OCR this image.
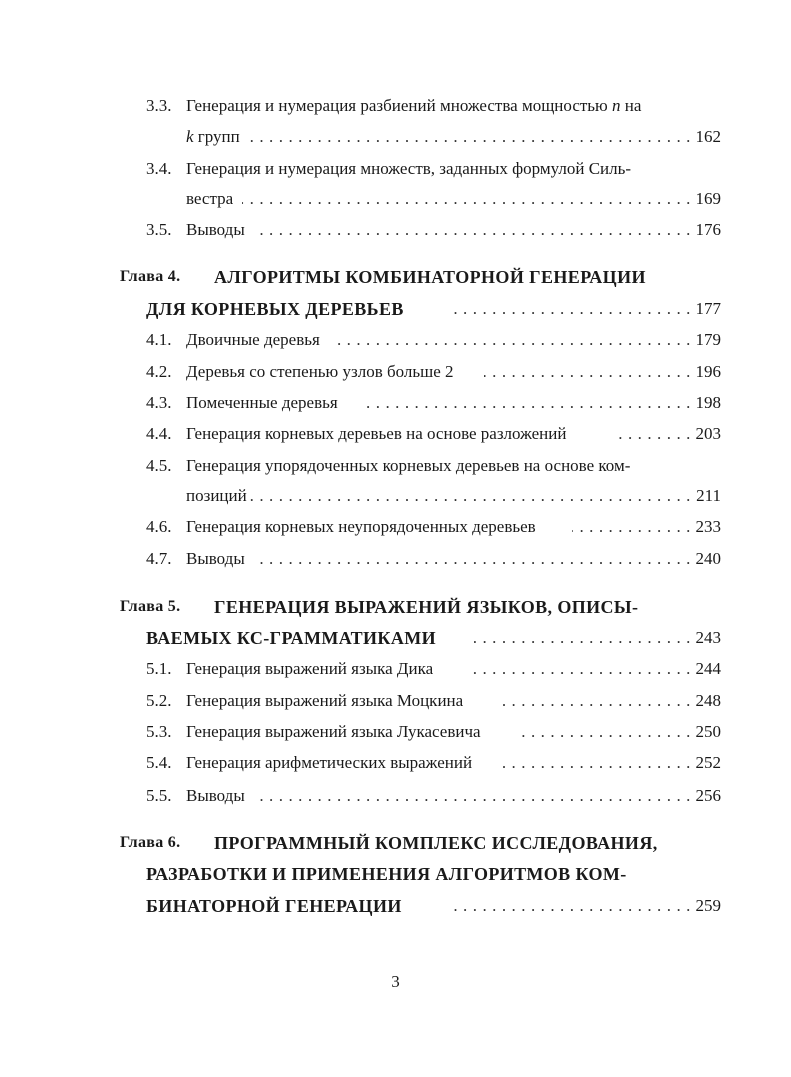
3.3. Генерация и нумерация разбиений множества мощностью n на
k групп . . .	162
3.4. Генерация и нумерация множеств, заданных формулой Силь-
вестра . . .	169
3.5. Выводы . . .	176
Глава 4. АЛГОРИТМЫ КОМБИНАТОРНОЙ ГЕНЕРАЦИИ
ДЛЯ КОРНЕВЫХ ДЕРЕВЬЕВ . . .	177
4.1. Двоичные деревья . . .	179
4.2. Деревья со степенью узлов больше 2 . . .	196
4.3. Помеченные деревья . . .	198
4.4. Генерация корневых деревьев на основе разложений . . .	203
4.5. Генерация упорядоченных корневых деревьев на основе ком-
позиций . . .	211
4.6. Генерация корневых неупорядоченных деревьев . . .	233
4.7. Выводы . . .	240
Глава 5. ГЕНЕРАЦИЯ ВЫРАЖЕНИЙ ЯЗЫКОВ, ОПИСЫ-
ВАЕМЫХ КС-ГРАММАТИКАМИ . . .	243
5.1. Генерация выражений языка Дика . . .	244
5.2. Генерация выражений языка Моцкина . . .	248
5.3. Генерация выражений языка Лукасевича . . .	250
5.4. Генерация арифметических выражений . . .	252
5.5. Выводы . . .	256
Глава 6. ПРОГРАММНЫЙ КОМПЛЕКС ИССЛЕДОВАНИЯ,
РАЗРАБОТКИ И ПРИМЕНЕНИЯ АЛГОРИТМОВ КОМ-
БИНАТОРНОЙ ГЕНЕРАЦИИ . . .	259
3
